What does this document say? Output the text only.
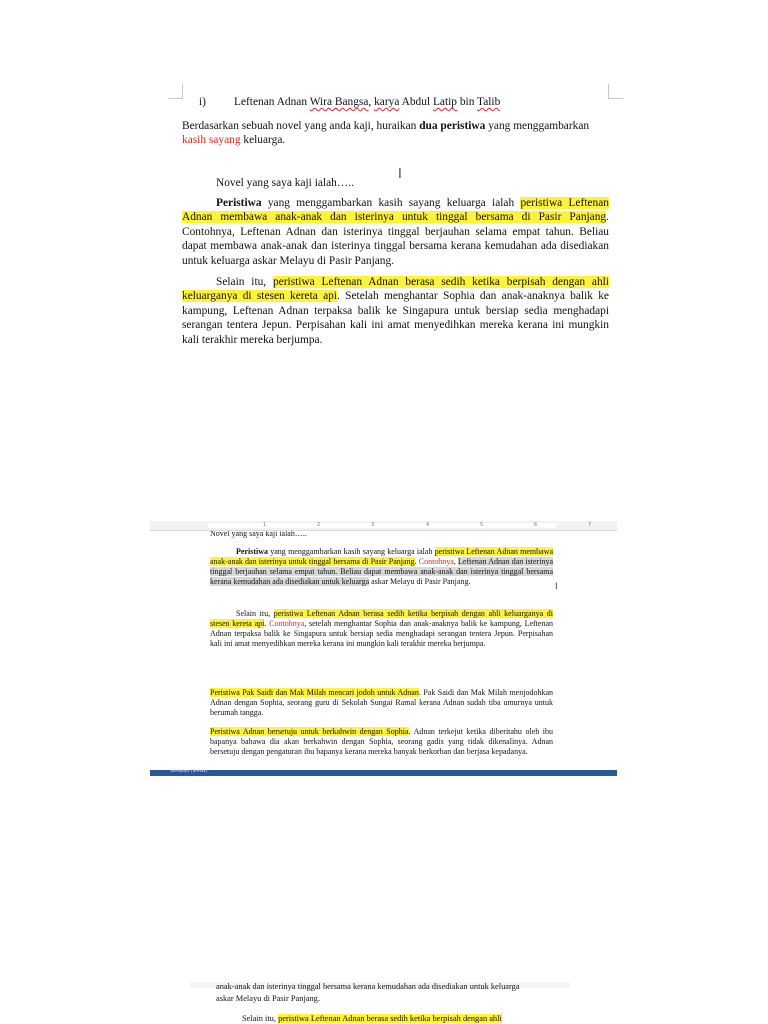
i) Leftenan Adnan Wira Bangsa, karya Abdul Latip bin Talib
Berdasarkan sebuah novel yang anda kaji, huraikan dua peristiwa yang menggambarkan kasih sayang keluarga.
I
Novel yang saya kaji ialah…..
Peristiwa yang menggambarkan kasih sayang keluarga ialah peristiwa Leftenan Adnan membawa anak-anak dan isterinya untuk tinggal bersama di Pasir Panjang. Contohnya, Leftenan Adnan dan isterinya tinggal berjauhan selama empat tahun. Beliau dapat membawa anak-anak dan isterinya tinggal bersama kerana kemudahan ada disediakan untuk keluarga askar Melayu di Pasir Panjang.
Selain itu, peristiwa Leftenan Adnan berasa sedih ketika berpisah dengan ahli keluarganya di stesen kereta api. Setelah menghantar Sophia dan anak-anaknya balik ke kampung, Leftenan Adnan terpaksa balik ke Singapura untuk bersiap sedia menghadapi serangan tentera Jepun. Perpisahan kali ini amat menyedihkan mereka kerana ini mungkin kali terakhir mereka berjumpa.
1	2	3	4	5	6	7
Novel yang saya kaji ialah…..
Peristiwa yang menggambarkan kasih sayang keluarga ialah peristiwa Leftenan Adnan membawa anak-anak dan isterinya untuk tinggal bersama di Pasir Panjang. Contohnya, Leftenan Adnan dan isterinya tinggal berjauhan selama empat tahun. Beliau dapat membawa anak-anak dan isterinya tinggal bersama kerana kemudahan ada disediakan untuk keluarga askar Melayu di Pasir Panjang.
I
Selain itu, peristiwa Leftenan Adnan berasa sedih ketika berpisah dengan ahli keluarganya di stesen kereta api. Contohnya, setelah menghantar Sophia dan anak-anaknya balik ke kampung, Leftenan Adnan terpaksa balik ke Singapura untuk bersiap sedia menghadapi serangan tentera Jepun. Perpisahan kali ini amat menyedihkan mereka kerana ini mungkin kali terakhir mereka berjumpa.
Peristiwa Pak Saidi dan Mak Milah mencari jodoh untuk Adnan. Pak Saidi dan Mak Milah menjodohkan Adnan dengan Sophia, seorang guru di Sekolah Sungai Ramal kerana Adnan sudah tiba umurnya untuk berumah tangga.
Peristiwa Adnan bersetuju untuk berkahwin dengan Sophia. Adnan terkejut ketika diberitahu oleh ibu bapanya bahawa dia akan berkahwin dengan Sophia, seorang gadis yang tidak dikenalinya. Adnan bersetuju dengan pengaturan ibu bapanya kerana mereka banyak berkorban dan berjasa kepadanya.
SPANISH (SPAIN)
anak-anak dan isterinya tinggal bersama kerana kemudahan ada disediakan untuk keluarga
askar Melayu di Pasir Panjang.
Selain itu, peristiwa Leftenan Adnan berasa sedih ketika berpisah dengan ahli
